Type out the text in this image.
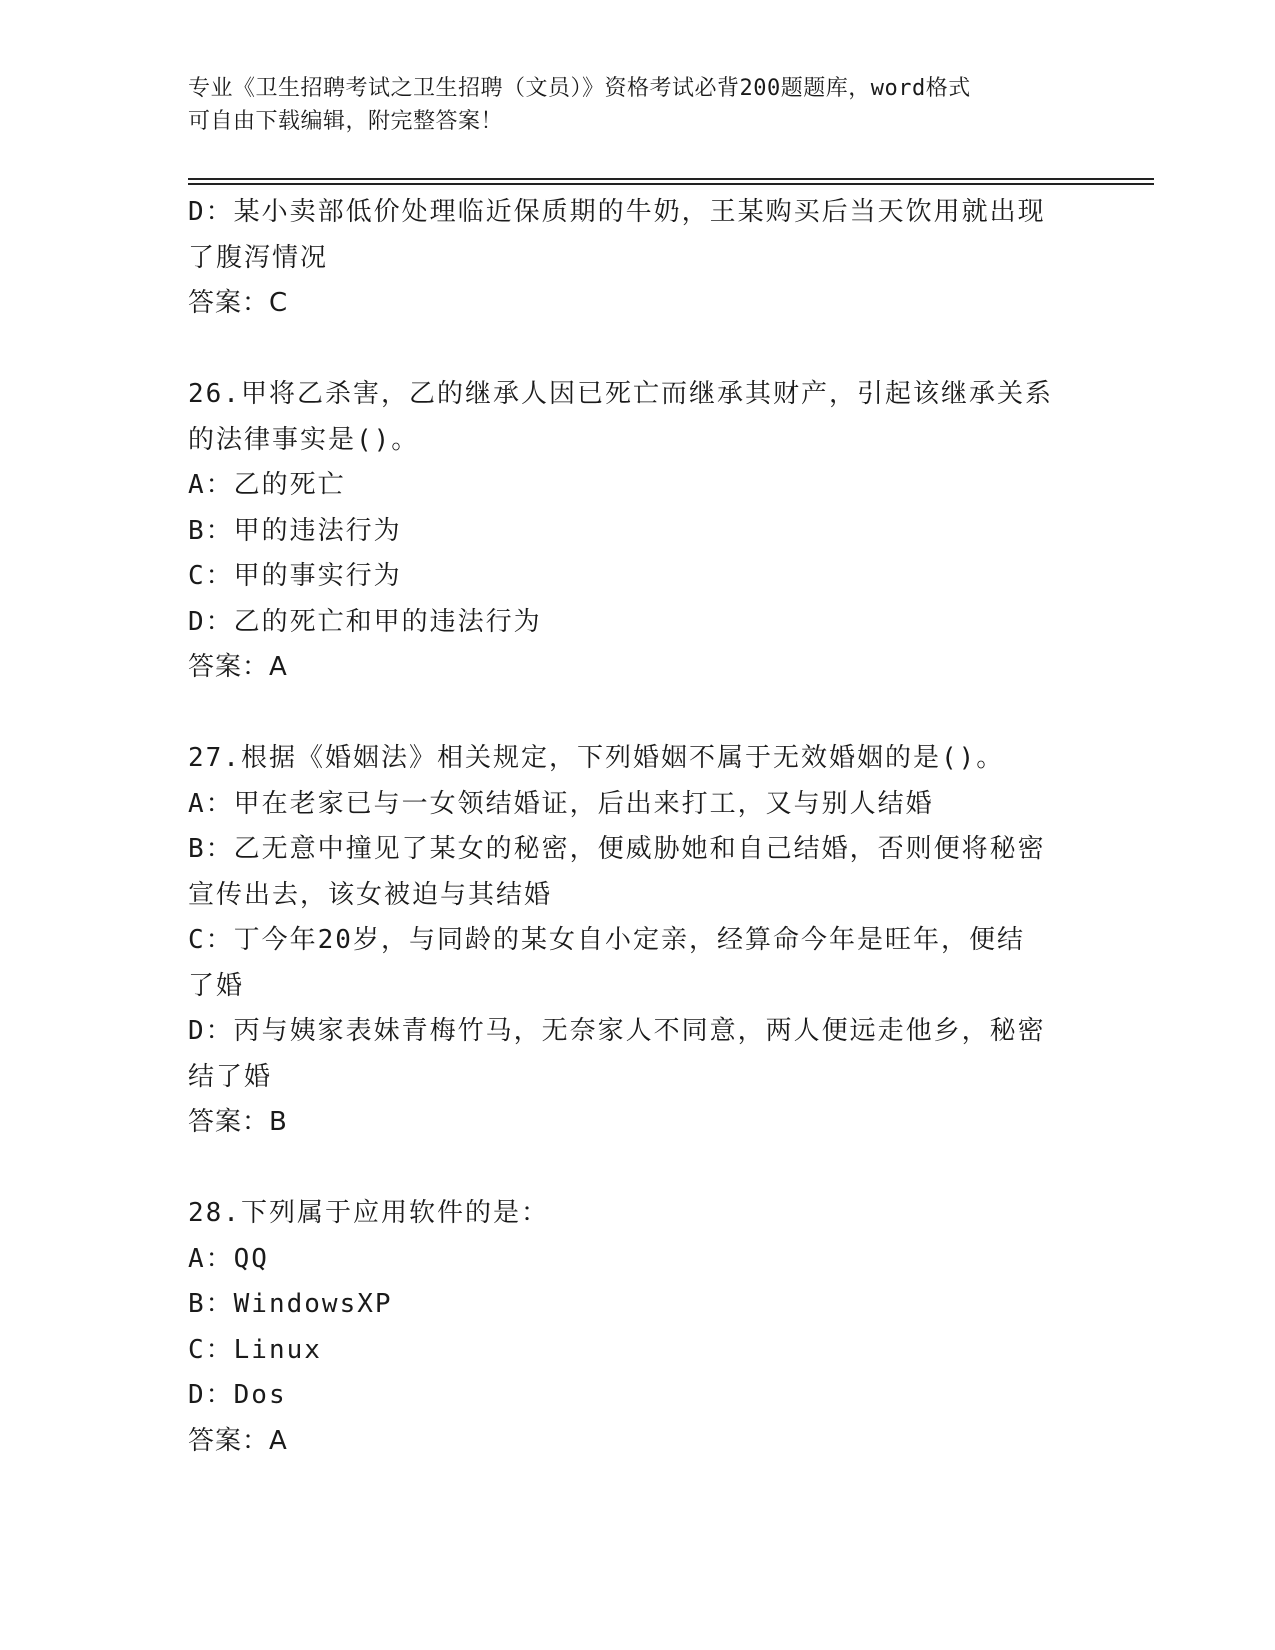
专业《卫生招聘考试之卫生招聘（文员）》资格考试必背200题题库，word格式
可自由下载编辑，附完整答案！
D：某小卖部低价处理临近保质期的牛奶，王某购买后当天饮用就出现
了腹泻情况
答案：C
26.甲将乙杀害，乙的继承人因已死亡而继承其财产，引起该继承关系
的法律事实是()。
A：乙的死亡
B：甲的违法行为
C：甲的事实行为
D：乙的死亡和甲的违法行为
答案：A
27.根据《婚姻法》相关规定，下列婚姻不属于无效婚姻的是()。
A：甲在老家已与一女领结婚证，后出来打工，又与别人结婚
B：乙无意中撞见了某女的秘密，便威胁她和自己结婚，否则便将秘密
宣传出去，该女被迫与其结婚
C：丁今年20岁，与同龄的某女自小定亲，经算命今年是旺年，便结
了婚
D：丙与姨家表妹青梅竹马，无奈家人不同意，两人便远走他乡，秘密
结了婚
答案：B
28.下列属于应用软件的是：
A：QQ
B：WindowsXP
C：Linux
D：Dos
答案：A
